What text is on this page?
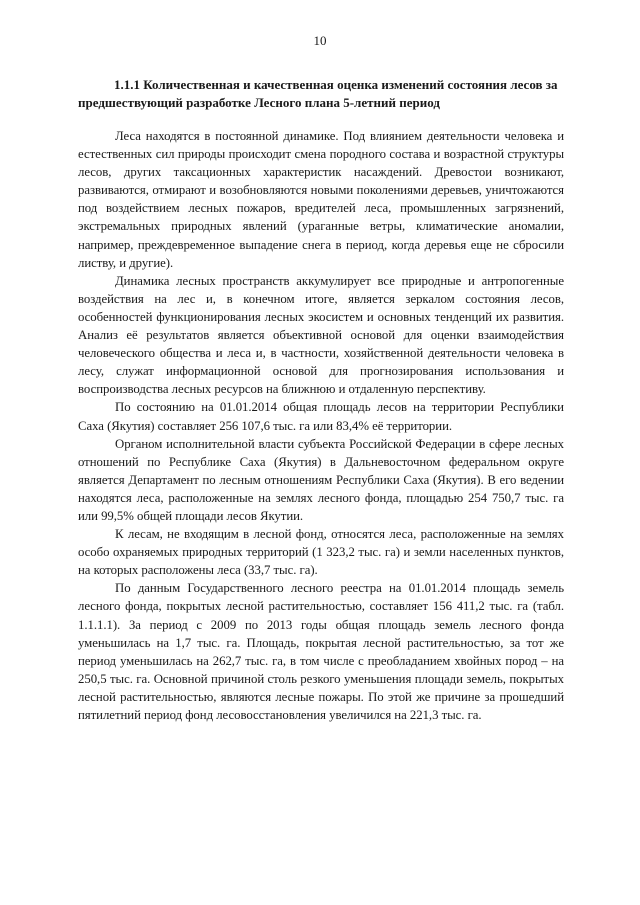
10
1.1.1 Количественная и качественная оценка изменений состояния лесов за предшествующий разработке Лесного плана 5-летний период

Леса находятся в постоянной динамике. Под влиянием деятельности человека и естественных сил природы происходит смена породного состава и возрастной структуры лесов, других таксационных характеристик насаждений. Древостои возникают, развиваются, отмирают и возобновляются новыми поколениями деревьев, уничтожаются под воздействием лесных пожаров, вредителей леса, промышленных загрязнений, экстремальных природных явлений (ураганные ветры, климатические аномалии, например, преждевременное выпадение снега в период, когда деревья еще не сбросили листву, и другие).

Динамика лесных пространств аккумулирует все природные и антропогенные воздействия на лес и, в конечном итоге, является зеркалом состояния лесов, особенностей функционирования лесных экосистем и основных тенденций их развития. Анализ её результатов является объективной основой для оценки взаимодействия человеческого общества и леса и, в частности, хозяйственной деятельности человека в лесу, служат информационной основой для прогнозирования использования и воспроизводства лесных ресурсов на ближнюю и отдаленную перспективу.

По состоянию на 01.01.2014 общая площадь лесов на территории Республики Саха (Якутия) составляет 256 107,6 тыс. га или 83,4% её территории.

Органом исполнительной власти субъекта Российской Федерации в сфере лесных отношений по Республике Саха (Якутия) в Дальневосточном федеральном округе является Департамент по лесным отношениям Республики Саха (Якутия). В его ведении находятся леса, расположенные на землях лесного фонда, площадью 254 750,7 тыс. га или 99,5% общей площади лесов Якутии.

К лесам, не входящим в лесной фонд, относятся леса, расположенные на землях особо охраняемых природных территорий (1 323,2 тыс. га) и земли населенных пунктов, на которых расположены леса (33,7 тыс. га).

По данным Государственного лесного реестра на 01.01.2014 площадь земель лесного фонда, покрытых лесной растительностью, составляет 156 411,2 тыс. га (табл. 1.1.1.1). За период с 2009 по 2013 годы общая площадь земель лесного фонда уменьшилась на 1,7 тыс. га. Площадь, покрытая лесной растительностью, за тот же период уменьшилась на 262,7 тыс. га, в том числе с преобладанием хвойных пород – на 250,5 тыс. га. Основной причиной столь резкого уменьшения площади земель, покрытых лесной растительностью, являются лесные пожары. По этой же причине за прошедший пятилетний период фонд лесовосстановления увеличился на 221,3 тыс. га.
